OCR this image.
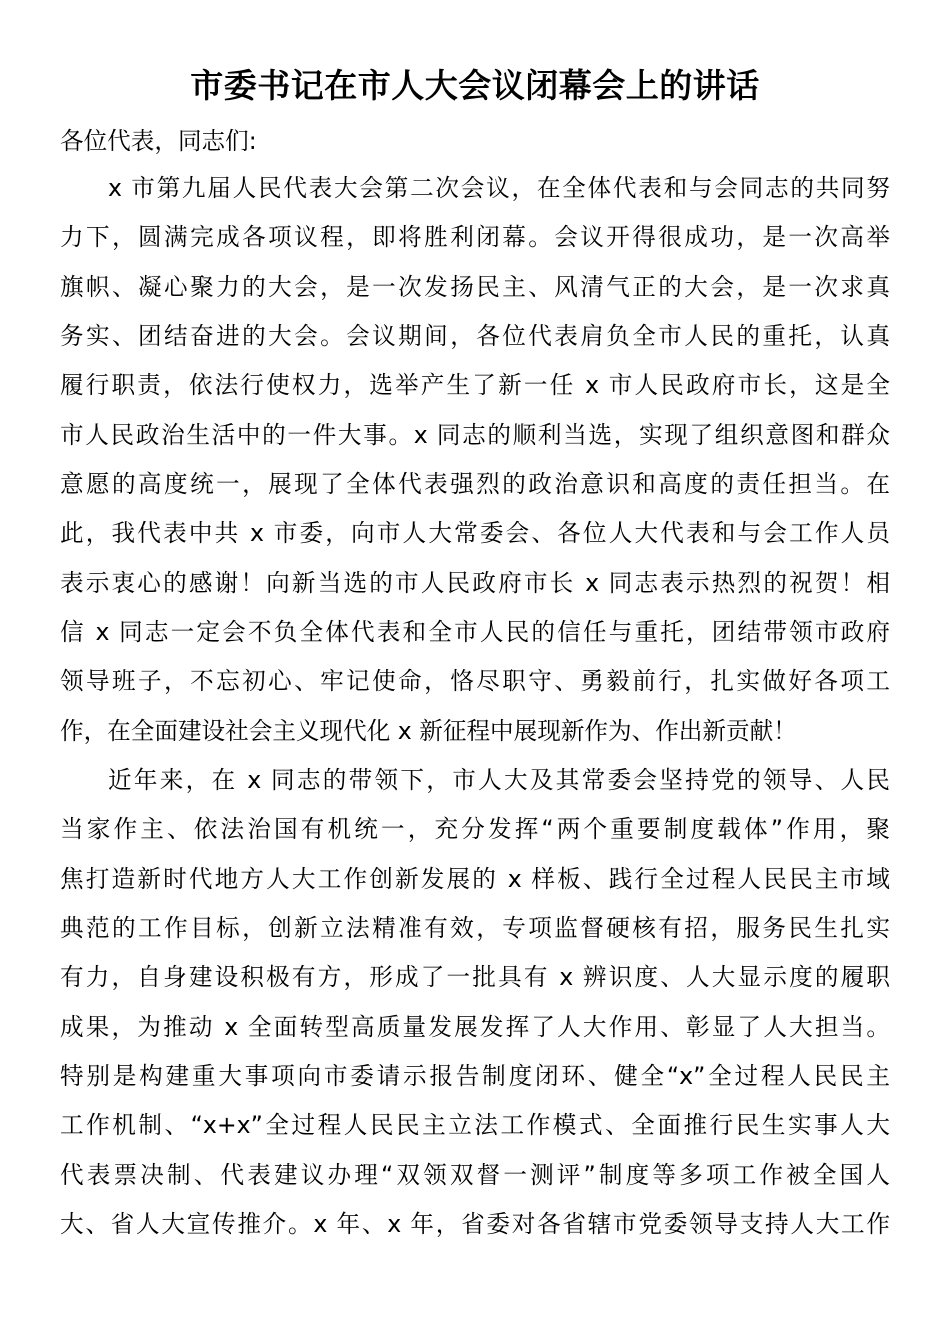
市委书记在市人大会议闭幕会上的讲话

各位代表，同志们:

x 市第九届人民代表大会第二次会议，在全体代表和与会同志的共同努

力下，圆满完成各项议程，即将胜利闭幕。会议开得很成功，是一次高举

旗帜、凝心聚力的大会，是一次发扬民主、风清气正的大会，是一次求真

务实、团结奋进的大会。会议期间，各位代表肩负全市人民的重托，认真

履行职责，依法行使权力，选举产生了新一任 x 市人民政府市长，这是全

市人民政治生活中的一件大事。x 同志的顺利当选，实现了组织意图和群众

意愿的高度统一，展现了全体代表强烈的政治意识和高度的责任担当。在

此，我代表中共 x 市委，向市人大常委会、各位人大代表和与会工作人员

表示衷心的感谢！向新当选的市人民政府市长 x 同志表示热烈的祝贺！相

信 x 同志一定会不负全体代表和全市人民的信任与重托，团结带领市政府

领导班子，不忘初心、牢记使命，恪尽职守、勇毅前行，扎实做好各项工

作，在全面建设社会主义现代化 x 新征程中展现新作为、作出新贡献！

近年来，在 x 同志的带领下，市人大及其常委会坚持党的领导、人民

当家作主、依法治国有机统一，充分发挥“两个重要制度载体”作用，聚

焦打造新时代地方人大工作创新发展的 x 样板、践行全过程人民民主市域

典范的工作目标，创新立法精准有效，专项监督硬核有招，服务民生扎实

有力，自身建设积极有方，形成了一批具有 x 辨识度、人大显示度的履职

成果，为推动 x 全面转型高质量发展发挥了人大作用、彰显了人大担当。

特别是构建重大事项向市委请示报告制度闭环、健全“x”全过程人民民主

工作机制、“x+x”全过程人民民主立法工作模式、全面推行民生实事人大

代表票决制、代表建议办理“双领双督一测评”制度等多项工作被全国人

大、省人大宣传推介。x 年、x 年，省委对各省辖市党委领导支持人大工作
